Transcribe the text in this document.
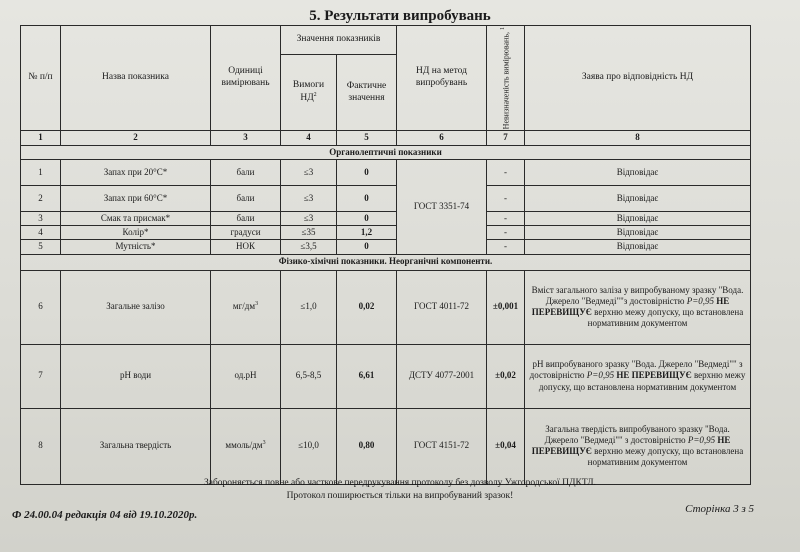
5. Результати випробувань
№ п/п	Назва показника	Одиниці вимірювань	Значення показників		НД на метод випробувань	Невизначеність вимірювань, $^1$	Заява про відповідність НД
			Вимоги $НД^2$	Фактичне значення			
1	2	3	4	5	6	7	8
Органолептичні показники							
1	Запах при 20°С*	бали	≤3	0	ГОСТ 3351-74	-	Відповідає
2	Запах при 60°С*	бали	≤3	0		-	Відповідає
3	Смак та присмак*	бали	≤3	0		-	Відповідає
4	Колір*	градуси	≤35	1,2		-	Відповідає
5	Мутність*	НОК	≤3,5	0		-	Відповідає
Фізико-хімічні показники. Неорганічні компоненти.							
6	Загальне залізо	$мг/дм^3$	≤1,0	0,02	ГОСТ 4011-72	±0,001	Вміст загального заліза у випробуваному зразку "Вода. Джерело "Ведмеді""з достовірністю Р=0,95 НЕ ПЕРЕВИЩУЄ верхню межу допуску, що встановлена нормативним документом
7	рН води	од.рН	6,5-8,5	6,61	ДСТУ 4077-2001	±0,02	pH випробуваного зразку "Вода. Джерело "Ведмеді"" з достовірністю Р=0,95 НЕ ПЕРЕВИЩУЄ верхню межу допуску, що встановлена нормативним документом
8	Загальна твердість	ммоль/$дм^3$	≤10,0	0,80	ГОСТ 4151-72	±0,04	Загальна твердість випробуваного зразку "Вода. Джерело "Ведмеді"" з достовірністю Р=0,95 НЕ ПЕРЕВИЩУЄ верхню межу допуску, що встановлена нормативним документом
Забороняється повне або часткове передрукування протоколу без дозволу Ужгородської ПДКТЛ.
Протокол поширюється тільки на випробуваний зразок!
Ф 24.00.04 редакція 04 від 19.10.2020р.	Сторінка 3 з 5
